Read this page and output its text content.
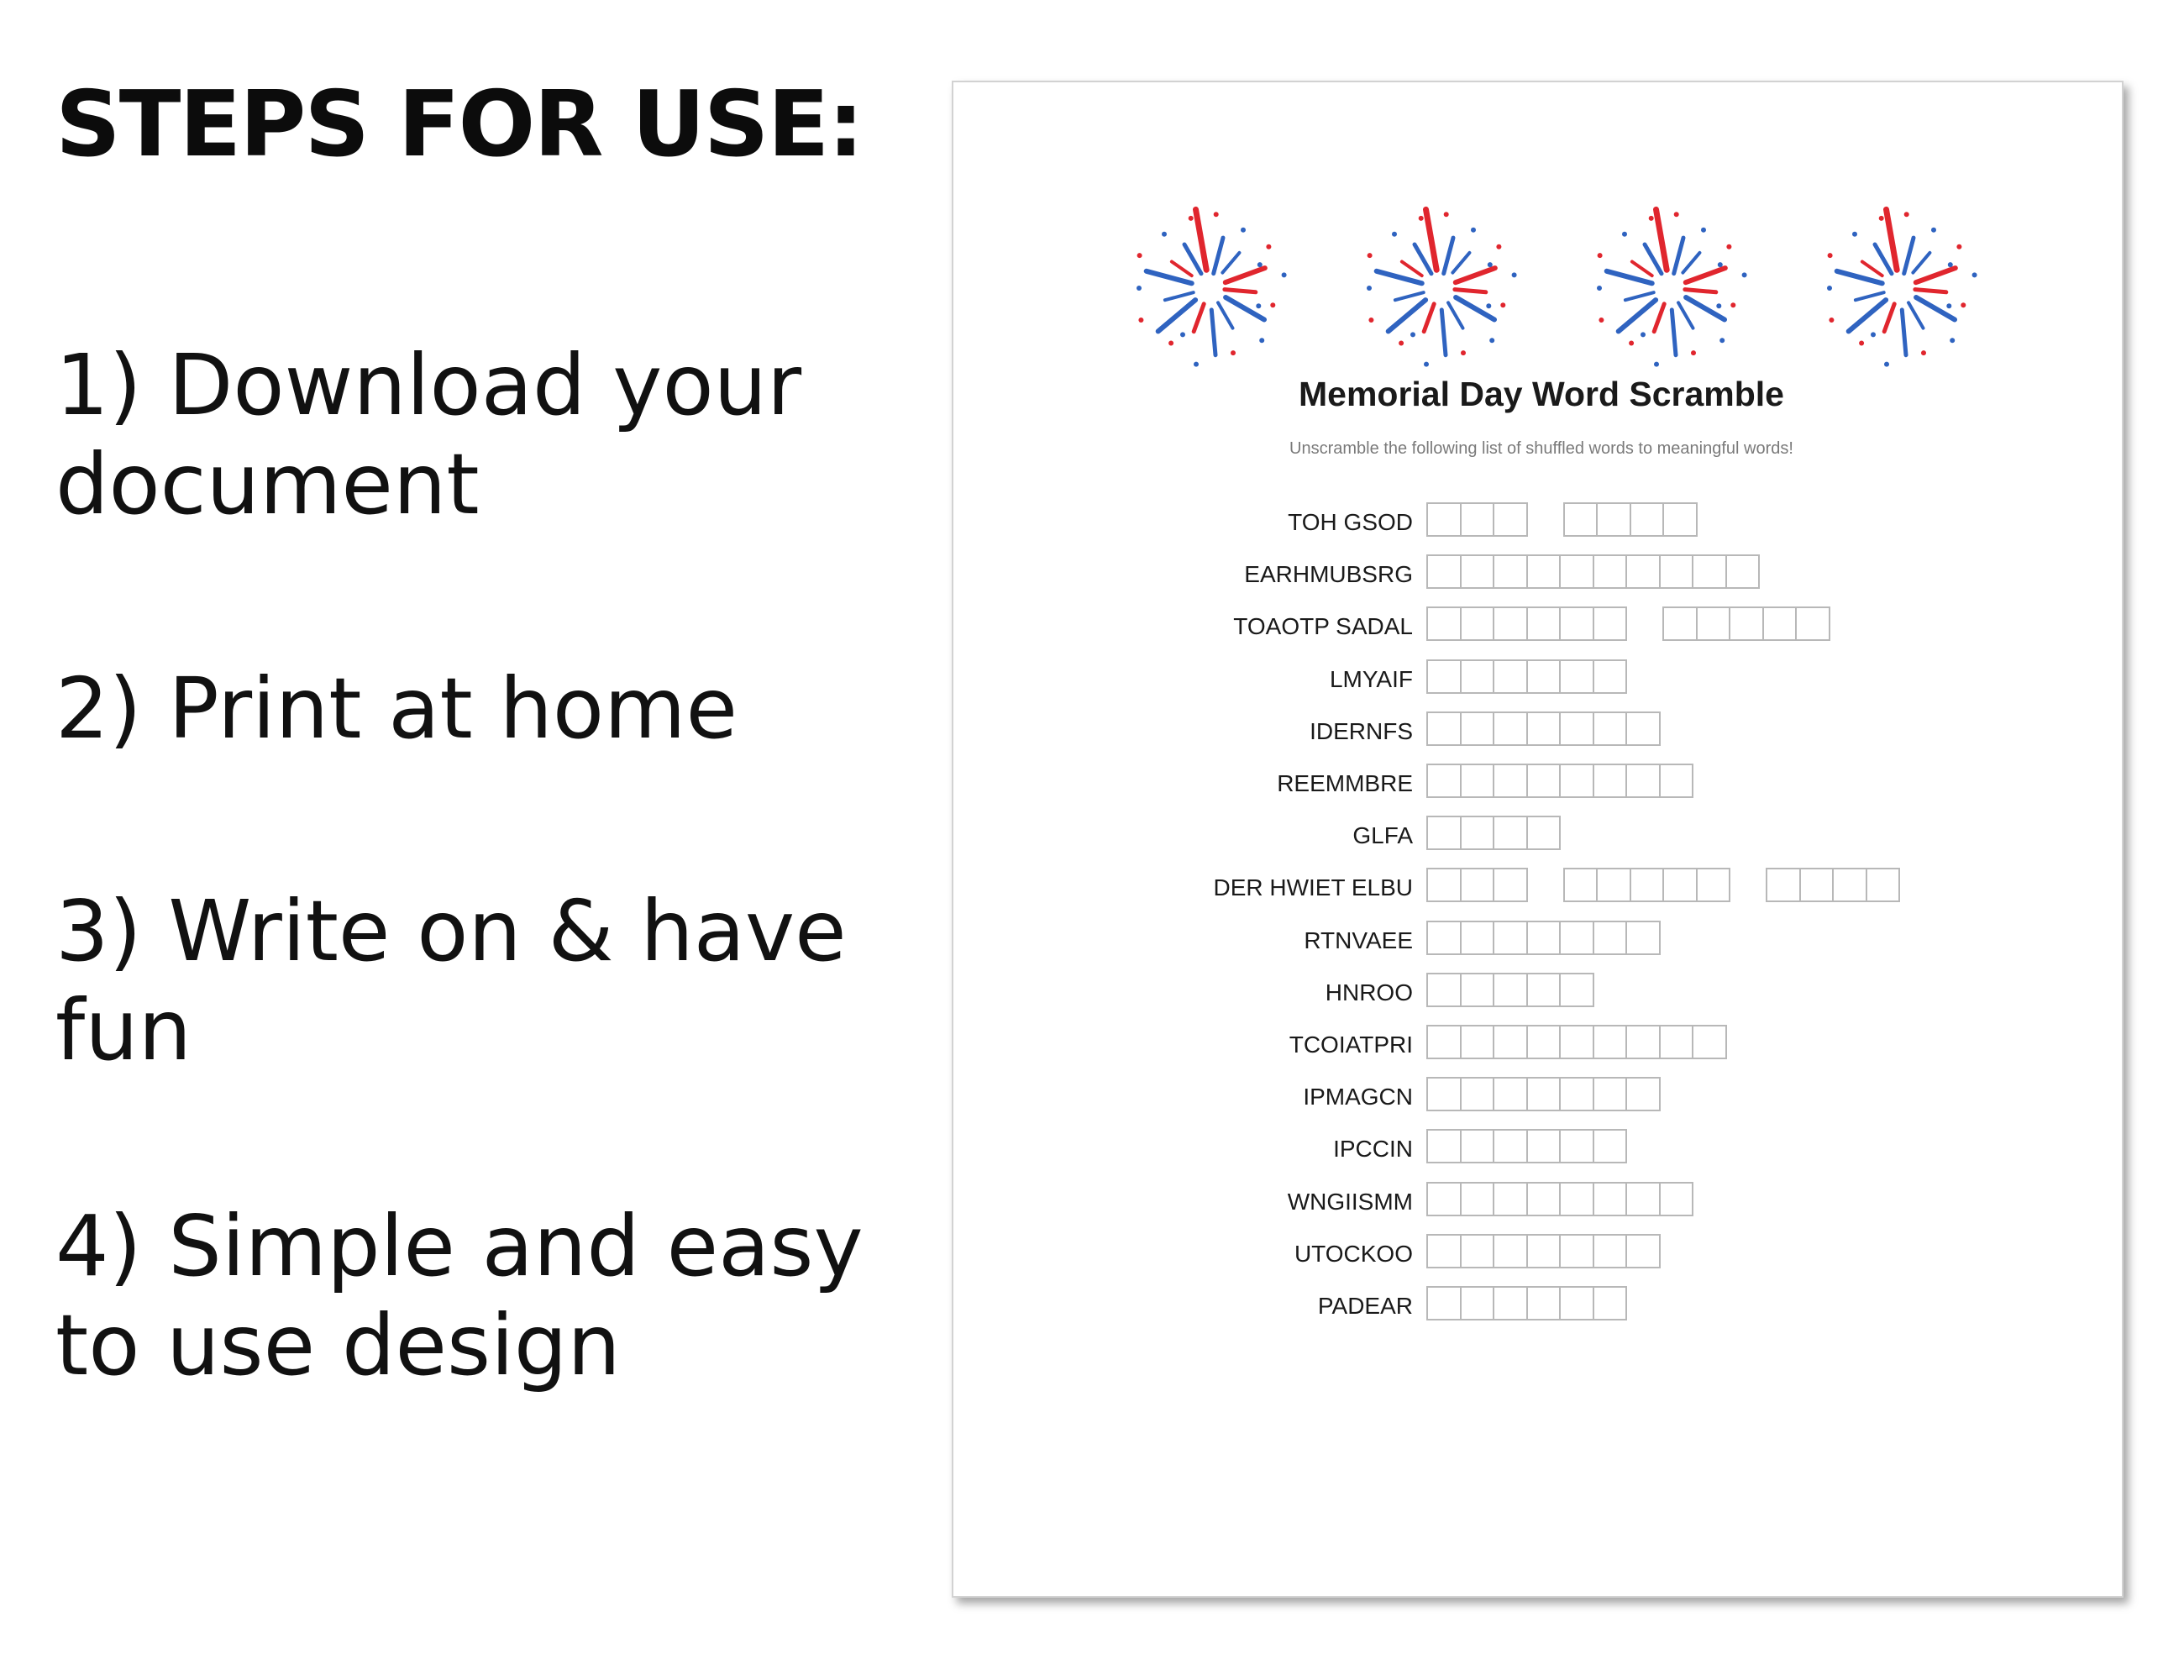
STEPS FOR USE:

1) Download your document

2) Print at home

3) Write on & have fun

4) Simple and easy to use design

Memorial Day Word Scramble

Unscramble the following list of shuffled words to meaningful words!

TOH GSOD
EARHMUBSRG
TOAOTP SADAL
LMYAIF
IDERNFS
REEMMBRE
GLFA
DER HWIET ELBU
RTNVAEE
HNROO
TCOIATPRI
IPMAGCN
IPCCIN
WNGIISMM
UTOCKOO
PADEAR
